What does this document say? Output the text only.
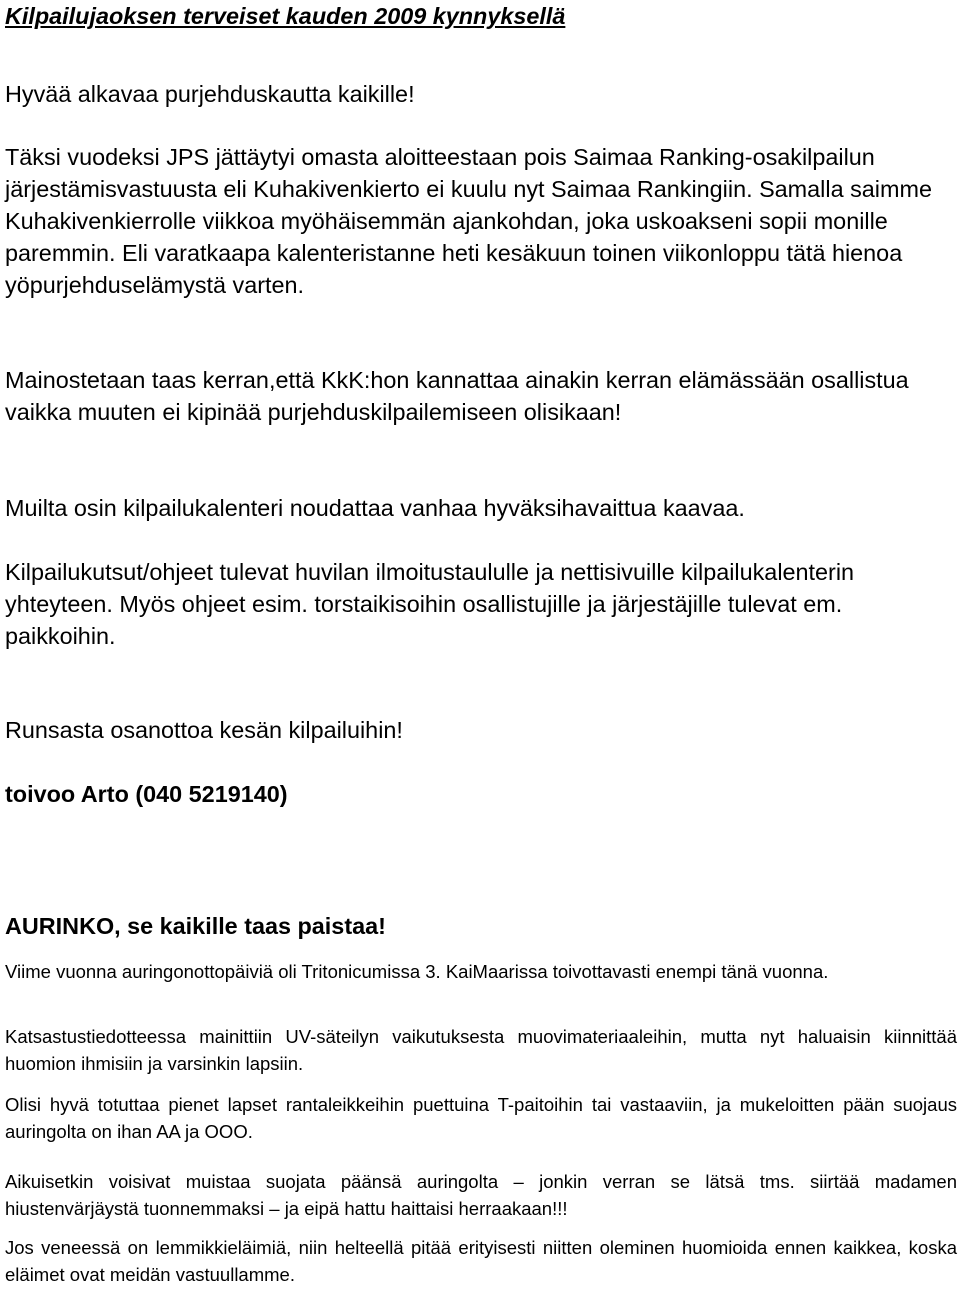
Kilpailujaoksen terveiset kauden 2009 kynnyksellä

Hyvää alkavaa purjehduskautta kaikille!

Täksi vuodeksi JPS jättäytyi omasta aloitteestaan pois Saimaa Ranking-osakilpailun järjestämisvastuusta eli Kuhakivenkierto ei kuulu nyt Saimaa Rankingiin. Samalla saimme Kuhakivenkierrolle viikkoa myöhäisemmän ajankohdan, joka uskoakseni sopii monille paremmin. Eli varatkaapa kalenteristanne heti kesäkuun toinen viikonloppu tätä hienoa yöpurjehduselämystä varten.

Mainostetaan taas kerran,että KkK:hon kannattaa ainakin kerran elämässään osallistua vaikka muuten ei kipinää purjehduskilpailemiseen olisikaan!

Muilta osin kilpailukalenteri noudattaa vanhaa hyväksihavaittua kaavaa.

Kilpailukutsut/ohjeet tulevat huvilan ilmoitustaululle ja nettisivuille kilpailukalenterin yhteyteen. Myös ohjeet esim. torstaikisoihin osallistujille ja järjestäjille tulevat em. paikkoihin.

Runsasta osanottoa kesän kilpailuihin!

toivoo Arto (040 5219140)

AURINKO, se kaikille taas paistaa!

Viime vuonna auringonottopäiviä oli Tritonicumissa 3. KaiMaarissa toivottavasti enempi tänä vuonna.

Katsastustiedotteessa mainittiin UV-säteilyn vaikutuksesta muovimateriaaleihin, mutta nyt haluaisin kiinnittää huomion ihmisiin ja varsinkin lapsiin.

Olisi hyvä totuttaa pienet lapset rantaleikkeihin puettuina T-paitoihin tai vastaaviin, ja mukeloitten pään suojaus auringolta on ihan AA ja OOO.

Aikuisetkin voisivat muistaa suojata päänsä auringolta – jonkin verran se lätsä tms. siirtää madamen hiustenvärjäystä tuonnemmaksi – ja eipä hattu haittaisi herraakaan!!!

Jos veneessä on lemmikkieläimiä, niin helteellä pitää erityisesti niitten oleminen huomioida ennen kaikkea, koska eläimet ovat meidän vastuullamme.
